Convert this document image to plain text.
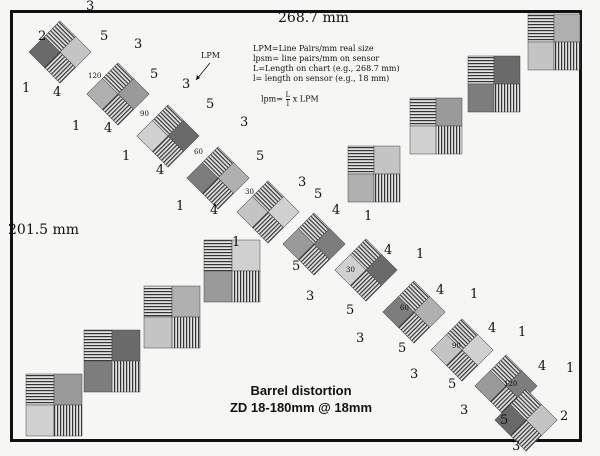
3
2
1 4
5
3
1 4
5
3
1
4
5
3
1 4
5
3
5
4 1
5
3
4 1
5
3
4 1
5
3
4 1
5
3
4 1
5	2
3
1
120
90
60
30
30
60
90
120
268.7 mm
201.5 mm
LPM=Line Pairs/mm real size
lpsm= line pairs/mm on sensor
L=Length on chart (e.g., 268.7 mm)
l= length on sensor (e.g., 18 mm)
$lpm= \frac{L}{l}$ x LPM
LPM
Barrel distortion
ZD 18-180mm @ 18mm
